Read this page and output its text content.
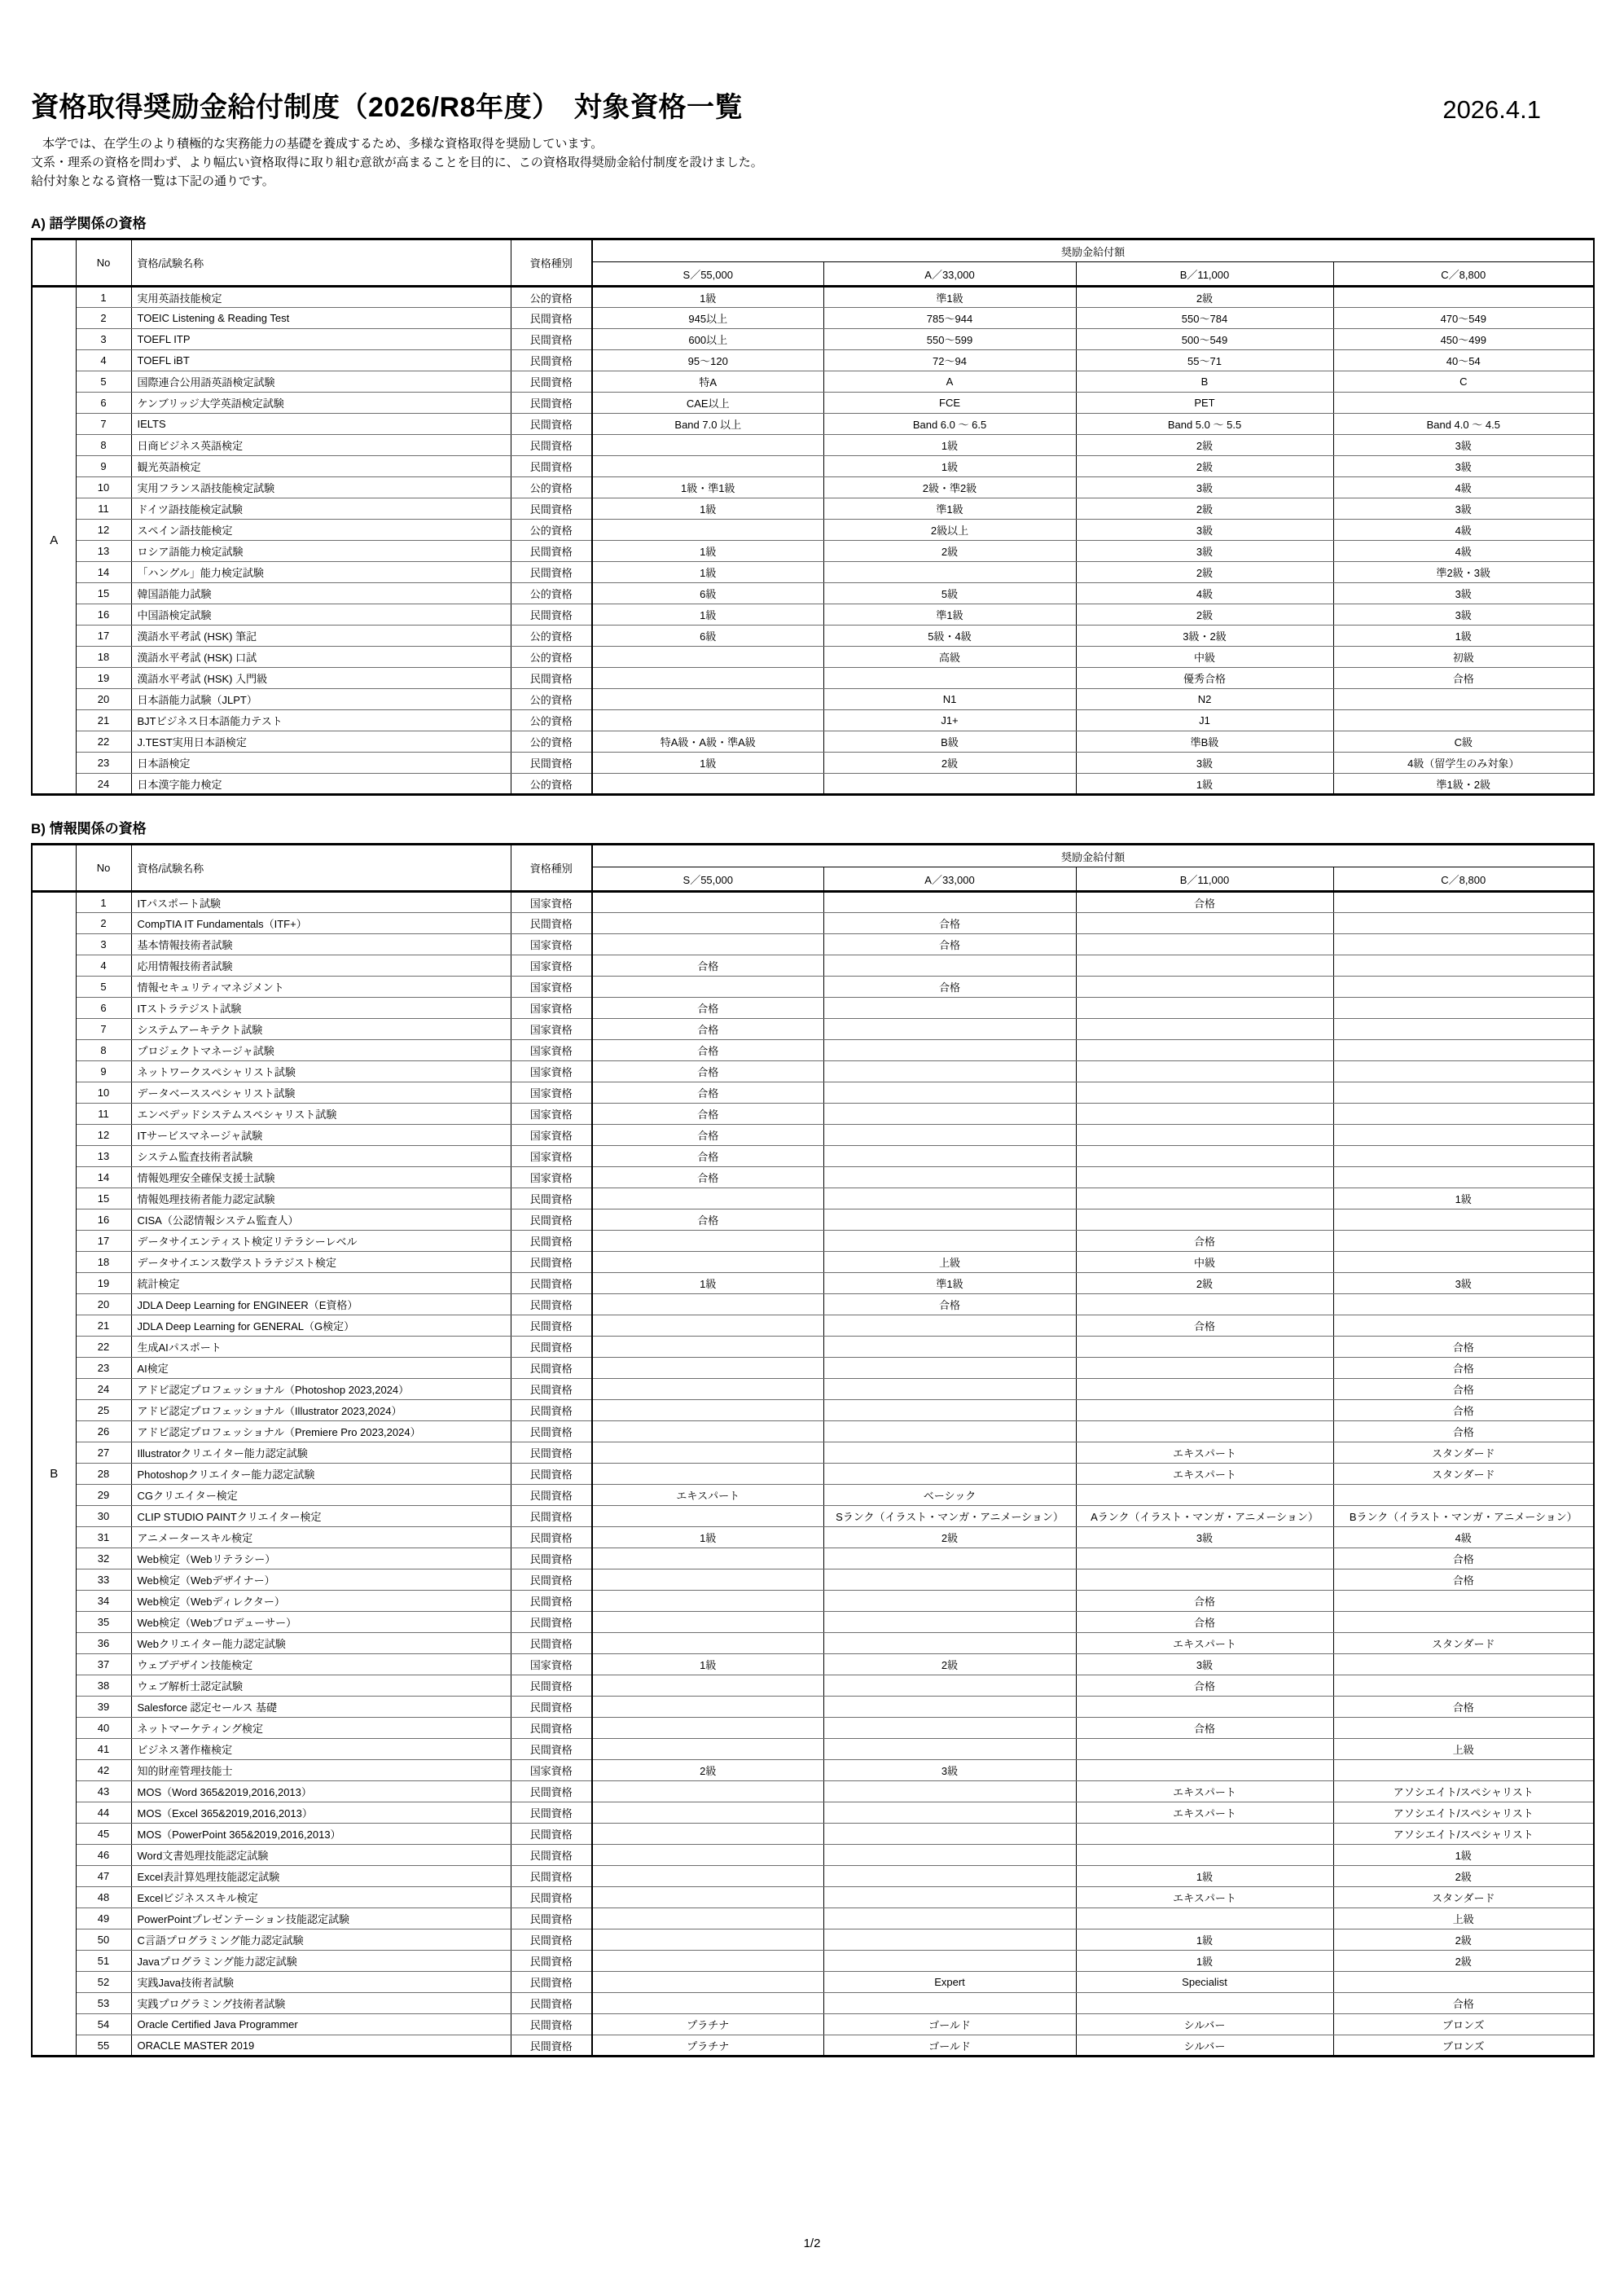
資格取得奨励金給付制度（2026/R8年度）　対象資格一覧	2026.4.1

本学では、在学生のより積極的な実務能力の基礎を養成するため、多様な資格取得を奨励しています。

文系・理系の資格を問わず、より幅広い資格取得に取り組む意欲が高まることを目的に、この資格取得奨励金給付制度を設けました。

給付対象となる資格一覧は下記の通りです。

A) 語学関係の資格
	No	資格/試験名称	資格種別	奨励金給付額			
				S／55,000	A／33,000	B／11,000	C／8,800
A	1	実用英語技能検定	公的資格	1級	準1級	2級	
	2	TOEIC Listening & Reading Test	民間資格	945以上	785〜944	550〜784	470〜549
	3	TOEFL ITP	民間資格	600以上	550〜599	500〜549	450〜499
	4	TOEFL iBT	民間資格	95〜120	72〜94	55〜71	40〜54
	5	国際連合公用語英語検定試験	民間資格	特A	A	B	C
	6	ケンブリッジ大学英語検定試験	民間資格	CAE以上	FCE	PET	
	7	IELTS	民間資格	Band 7.0 以上	Band 6.0 〜 6.5	Band 5.0 〜 5.5	Band 4.0 〜 4.5
	8	日商ビジネス英語検定	民間資格		1級	2級	3級
	9	観光英語検定	民間資格		1級	2級	3級
	10	実用フランス語技能検定試験	公的資格	1級・準1級	2級・準2級	3級	4級
	11	ドイツ語技能検定試験	民間資格	1級	準1級	2級	3級
	12	スペイン語技能検定	公的資格		2級以上	3級	4級
	13	ロシア語能力検定試験	民間資格	1級	2級	3級	4級
	14	「ハングル」能力検定試験	民間資格	1級		2級	準2級・3級
	15	韓国語能力試験	公的資格	6級	5級	4級	3級
	16	中国語検定試験	民間資格	1級	準1級	2級	3級
	17	漢語水平考試 (HSK) 筆記	公的資格	6級	5級・4級	3級・2級	1級
	18	漢語水平考試 (HSK) 口試	公的資格		高級	中級	初級
	19	漢語水平考試 (HSK) 入門級	民間資格			優秀合格	合格
	20	日本語能力試験（JLPT）	公的資格		N1	N2	
	21	BJTビジネス日本語能力テスト	公的資格		J1+	J1	
	22	J.TEST実用日本語検定	公的資格	特A級・A級・準A級	B級	準B級	C級
	23	日本語検定	民間資格	1級	2級	3級	4級（留学生のみ対象）
	24	日本漢字能力検定	公的資格			1級	準1級・2級
B) 情報関係の資格
	No	資格/試験名称	資格種別	奨励金給付額			
				S／55,000	A／33,000	B／11,000	C／8,800
B	1	ITパスポート試験	国家資格			合格	
	2	CompTIA IT Fundamentals（ITF+）	民間資格		合格		
	3	基本情報技術者試験	国家資格		合格		
	4	応用情報技術者試験	国家資格	合格			
	5	情報セキュリティマネジメント	国家資格		合格		
	6	ITストラテジスト試験	国家資格	合格			
	7	システムアーキテクト試験	国家資格	合格			
	8	プロジェクトマネージャ試験	国家資格	合格			
	9	ネットワークスペシャリスト試験	国家資格	合格			
	10	データベーススペシャリスト試験	国家資格	合格			
	11	エンベデッドシステムスペシャリスト試験	国家資格	合格			
	12	ITサービスマネージャ試験	国家資格	合格			
	13	システム監査技術者試験	国家資格	合格			
	14	情報処理安全確保支援士試験	国家資格	合格			
	15	情報処理技術者能力認定試験	民間資格				1級
	16	CISA（公認情報システム監査人）	民間資格	合格			
	17	データサイエンティスト検定リテラシーレベル	民間資格			合格	
	18	データサイエンス数学ストラテジスト検定	民間資格		上級	中級	
	19	統計検定	民間資格	1級	準1級	2級	3級
	20	JDLA Deep Learning for ENGINEER（E資格）	民間資格		合格		
	21	JDLA Deep Learning for GENERAL（G検定）	民間資格			合格	
	22	生成AIパスポート	民間資格				合格
	23	AI検定	民間資格				合格
	24	アドビ認定プロフェッショナル（Photoshop 2023,2024）	民間資格				合格
	25	アドビ認定プロフェッショナル（Illustrator 2023,2024）	民間資格				合格
	26	アドビ認定プロフェッショナル（Premiere Pro 2023,2024）	民間資格				合格
	27	Illustratorクリエイター能力認定試験	民間資格			エキスパート	スタンダード
	28	Photoshopクリエイター能力認定試験	民間資格			エキスパート	スタンダード
	29	CGクリエイター検定	民間資格	エキスパート	ベーシック		
	30	CLIP STUDIO PAINTクリエイター検定	民間資格		Sランク（イラスト・マンガ・アニメーション）	Aランク（イラスト・マンガ・アニメーション）	Bランク（イラスト・マンガ・アニメーション）
	31	アニメータースキル検定	民間資格	1級	2級	3級	4級
	32	Web検定（Webリテラシー）	民間資格				合格
	33	Web検定（Webデザイナー）	民間資格				合格
	34	Web検定（Webディレクター）	民間資格			合格	
	35	Web検定（Webプロデューサー）	民間資格			合格	
	36	Webクリエイター能力認定試験	民間資格			エキスパート	スタンダード
	37	ウェブデザイン技能検定	国家資格	1級	2級	3級	
	38	ウェブ解析士認定試験	民間資格			合格	
	39	Salesforce 認定セールス 基礎	民間資格				合格
	40	ネットマーケティング検定	民間資格			合格	
	41	ビジネス著作権検定	民間資格				上級
	42	知的財産管理技能士	国家資格	2級	3級		
	43	MOS（Word 365&2019,2016,2013）	民間資格			エキスパート	アソシエイト/スペシャリスト
	44	MOS（Excel 365&2019,2016,2013）	民間資格			エキスパート	アソシエイト/スペシャリスト
	45	MOS（PowerPoint 365&2019,2016,2013）	民間資格				アソシエイト/スペシャリスト
	46	Word文書処理技能認定試験	民間資格				1級
	47	Excel表計算処理技能認定試験	民間資格			1級	2級
	48	Excelビジネススキル検定	民間資格			エキスパート	スタンダード
	49	PowerPointプレゼンテーション技能認定試験	民間資格				上級
	50	C言語プログラミング能力認定試験	民間資格			1級	2級
	51	Javaプログラミング能力認定試験	民間資格			1級	2級
	52	実践Java技術者試験	民間資格		Expert	Specialist	
	53	実践プログラミング技術者試験	民間資格				合格
	54	Oracle Certified Java Programmer	民間資格	プラチナ	ゴールド	シルバー	ブロンズ
	55	ORACLE MASTER 2019	民間資格	プラチナ	ゴールド	シルバー	ブロンズ
1/2
